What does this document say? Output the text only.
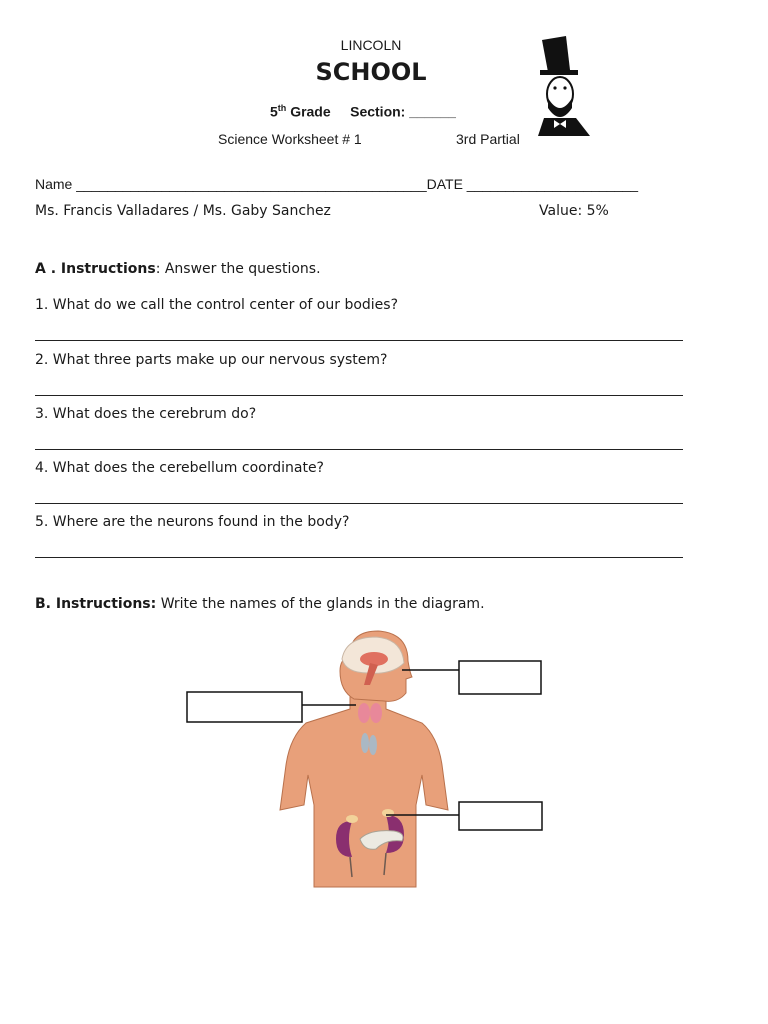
LINCOLN
SCHOOL
5th Grade Section: ______
Science Worksheet # 1	3rd Partial
Name _____________________________________________DATE ______________________
Ms. Francis Valladares / Ms. Gaby Sanchez	Value: 5%
A . Instructions: Answer the questions.
1. What do we call the control center of our bodies?
2. What three parts make up our nervous system?
3. What does the cerebrum do?
4. What does the cerebellum coordinate?
5. Where are the neurons found in the body?
B. Instructions: Write the names of the glands in the diagram.
